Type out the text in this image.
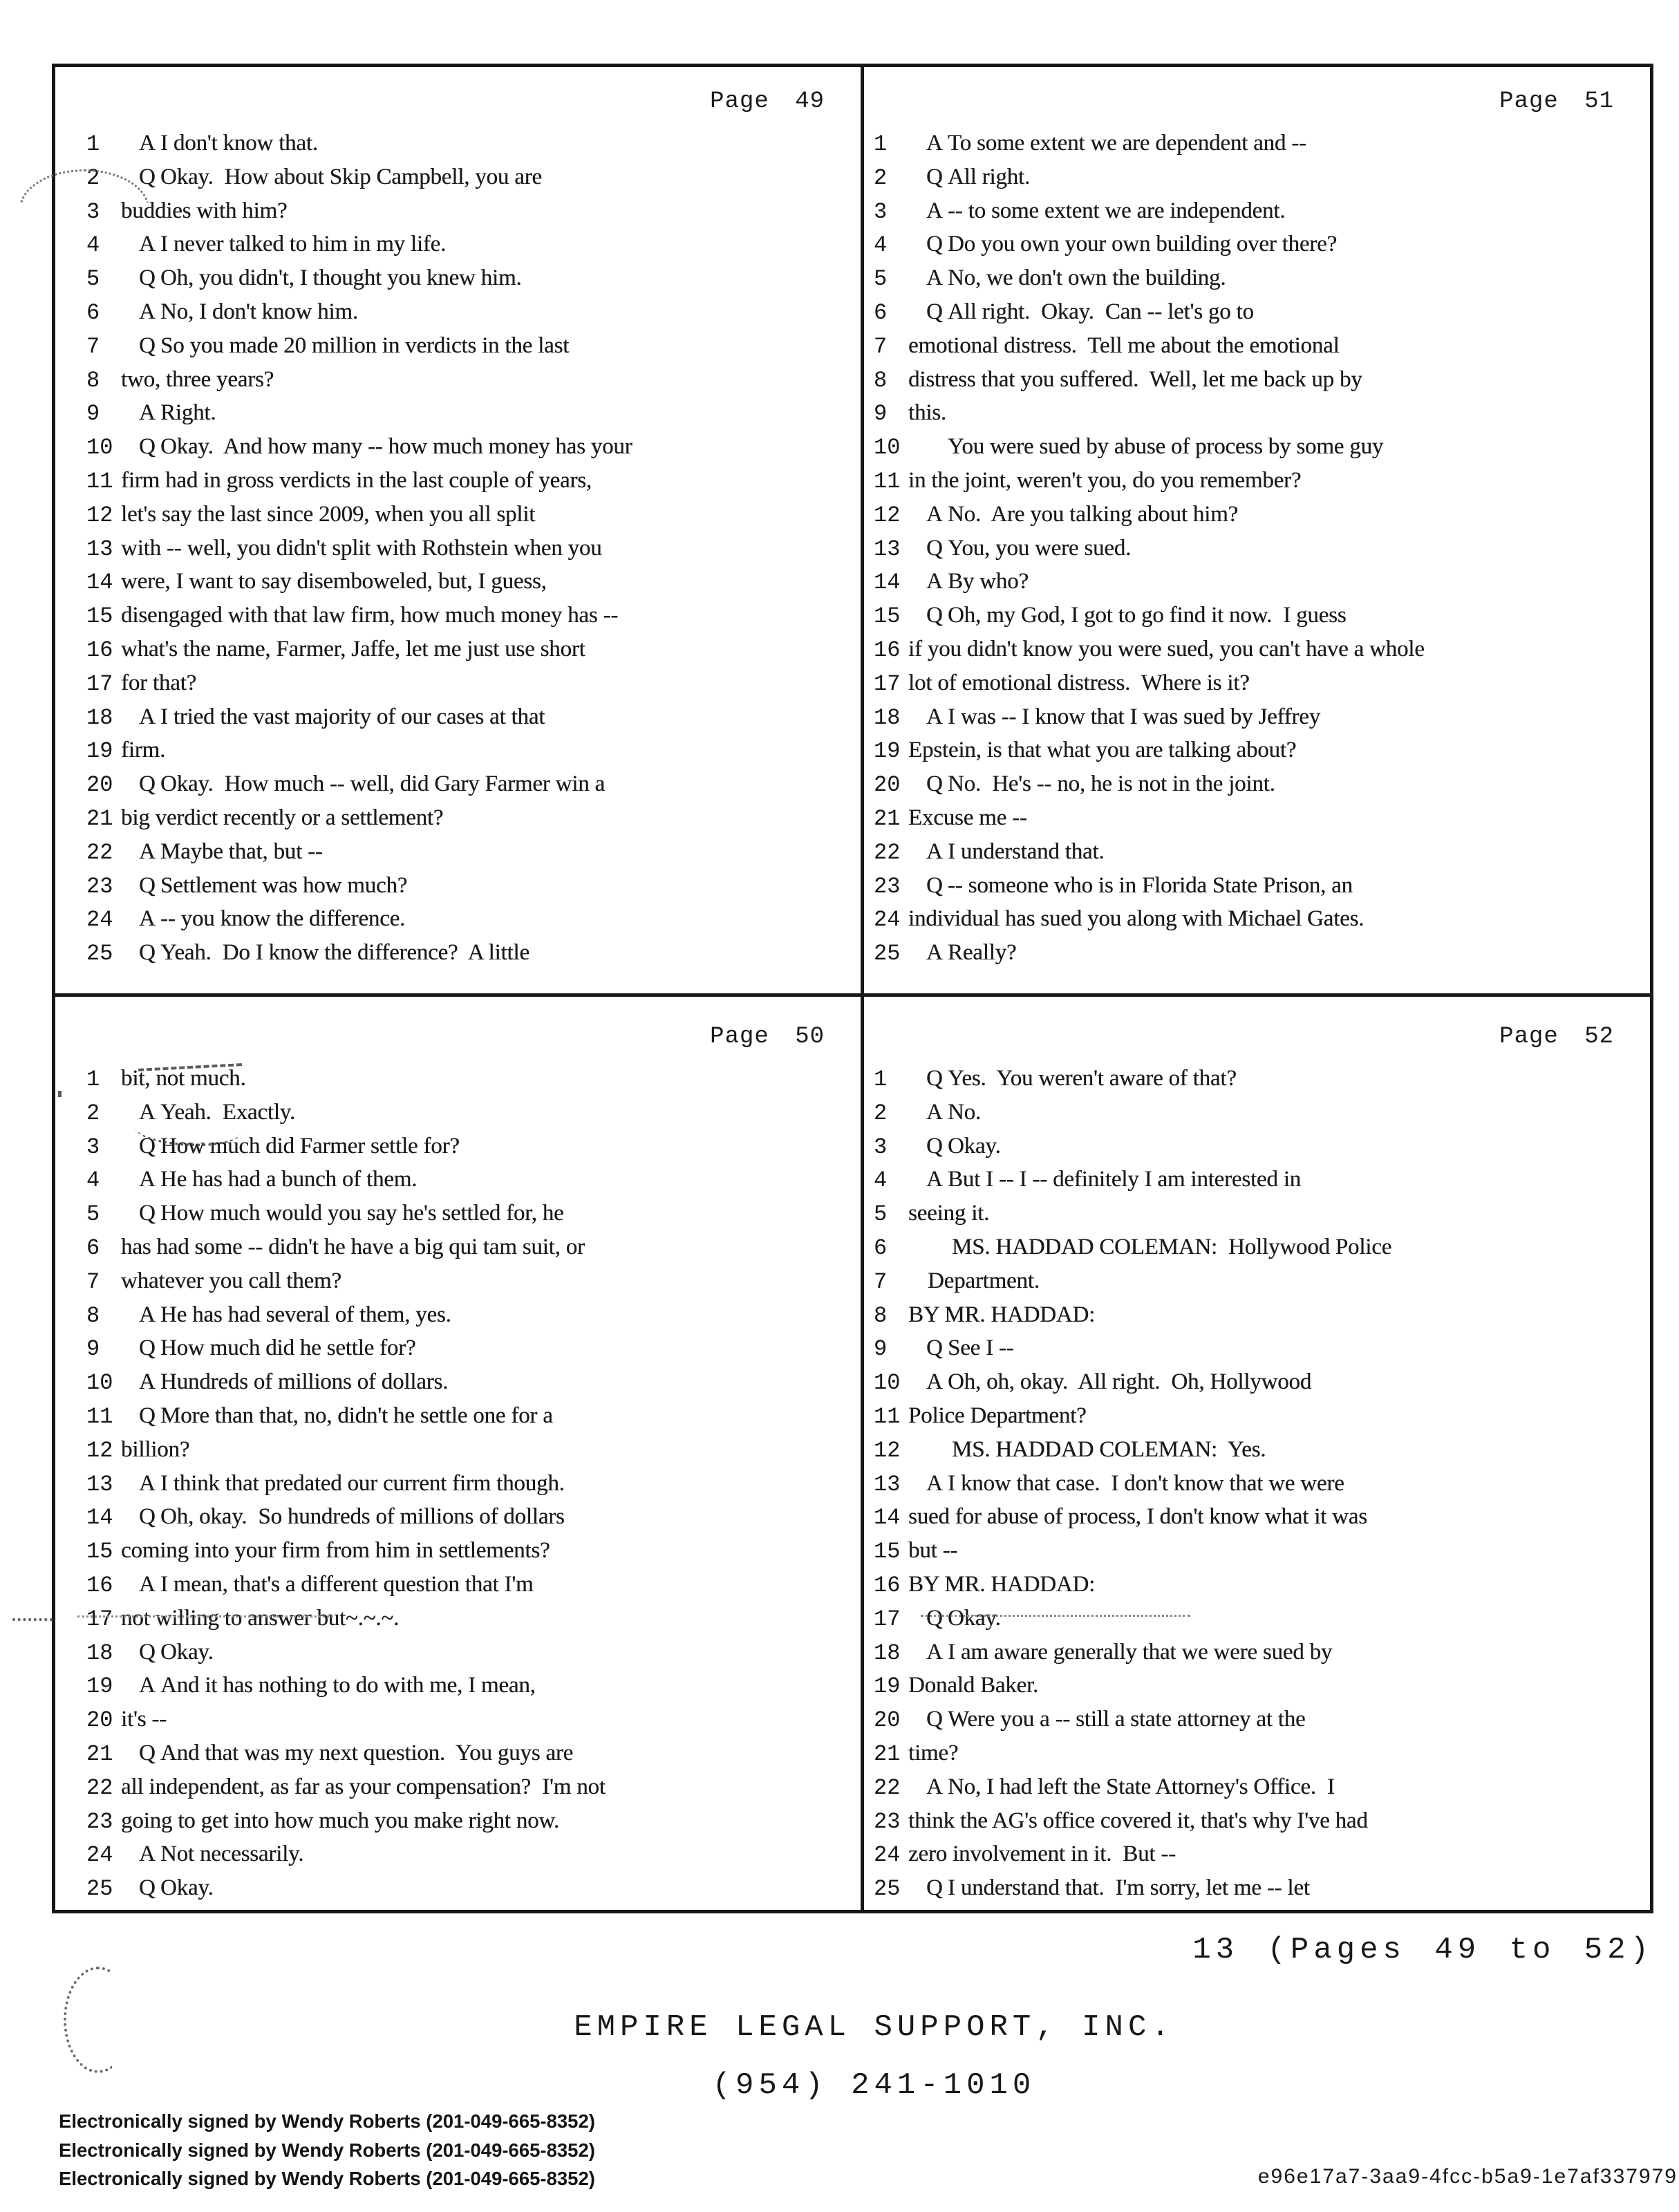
Page 49
1	A I don't know that.
2	Q Okay.  How about Skip Campbell, you are
3 buddies with him?
4	A I never talked to him in my life.
5	Q Oh, you didn't, I thought you knew him.
6	A No, I don't know him.
7	Q So you made 20 million in verdicts in the last
8 two, three years?
9	A Right.
10	Q Okay.  And how many -- how much money has your
11 firm had in gross verdicts in the last couple of years,
12 let's say the last since 2009, when you all split
13 with -- well, you didn't split with Rothstein when you
14 were, I want to say disemboweled, but, I guess,
15 disengaged with that law firm, how much money has --
16 what's the name, Farmer, Jaffe, let me just use short
17 for that?
18	A I tried the vast majority of our cases at that
19 firm.
20	Q Okay.  How much -- well, did Gary Farmer win a
21 big verdict recently or a settlement?
22	A Maybe that, but --
23	Q Settlement was how much?
24	A -- you know the difference.
25	Q Yeah.  Do I know the difference?  A little
Page 51
1	A To some extent we are dependent and --
2	Q All right.
3	A -- to some extent we are independent.
4	Q Do you own your own building over there?
5	A No, we don't own the building.
6	Q All right.  Okay.  Can -- let's go to
7 emotional distress.  Tell me about the emotional
8 distress that you suffered.  Well, let me back up by
9 this.
10	You were sued by abuse of process by some guy
11 in the joint, weren't you, do you remember?
12	A No.  Are you talking about him?
13	Q You, you were sued.
14	A By who?
15	Q Oh, my God, I got to go find it now.  I guess
16 if you didn't know you were sued, you can't have a whole
17 lot of emotional distress.  Where is it?
18	A I was -- I know that I was sued by Jeffrey
19 Epstein, is that what you are talking about?
20	Q No.  He's -- no, he is not in the joint.
21 Excuse me --
22	A I understand that.
23	Q -- someone who is in Florida State Prison, an
24 individual has sued you along with Michael Gates.
25	A Really?
Page 50
1 bit, not much.
2	A Yeah.  Exactly.
3	Q How much did Farmer settle for?
4	A He has had a bunch of them.
5	Q How much would you say he's settled for, he
6 has had some -- didn't he have a big qui tam suit, or
7 whatever you call them?
8	A He has had several of them, yes.
9	Q How much did he settle for?
10	A Hundreds of millions of dollars.
11	Q More than that, no, didn't he settle one for a
12 billion?
13	A I think that predated our current firm though.
14	Q Oh, okay.  So hundreds of millions of dollars
15 coming into your firm from him in settlements?
16	A I mean, that's a different question that I'm
17 not willing to answer but~.~.~.
18	Q Okay.
19	A And it has nothing to do with me, I mean,
20 it's --
21	Q And that was my next question.  You guys are
22 all independent, as far as your compensation?  I'm not
23 going to get into how much you make right now.
24	A Not necessarily.
25	Q Okay.
Page 52
1	Q Yes.  You weren't aware of that?
2	A No.
3	Q Okay.
4	A But I -- I -- definitely I am interested in
5 seeing it.
6	MS. HADDAD COLEMAN:  Hollywood Police
7	Department.
8 BY MR. HADDAD:
9	Q See I --
10	A Oh, oh, okay.  All right.  Oh, Hollywood
11 Police Department?
12	MS. HADDAD COLEMAN:  Yes.
13	A I know that case.  I don't know that we were
14 sued for abuse of process, I don't know what it was
15 but --
16 BY MR. HADDAD:
17	Q Okay.
18	A I am aware generally that we were sued by
19 Donald Baker.
20	Q Were you a -- still a state attorney at the
21 time?
22	A No, I had left the State Attorney's Office.  I
23 think the AG's office covered it, that's why I've had
24 zero involvement in it.  But --
25	Q I understand that.  I'm sorry, let me -- let
13 (Pages 49 to 52)
EMPIRE LEGAL SUPPORT, INC.
(954) 241-1010
Electronically signed by Wendy Roberts (201-049-665-8352)
Electronically signed by Wendy Roberts (201-049-665-8352)
Electronically signed by Wendy Roberts (201-049-665-8352)	e96e17a7-3aa9-4fcc-b5a9-1e7af337979
